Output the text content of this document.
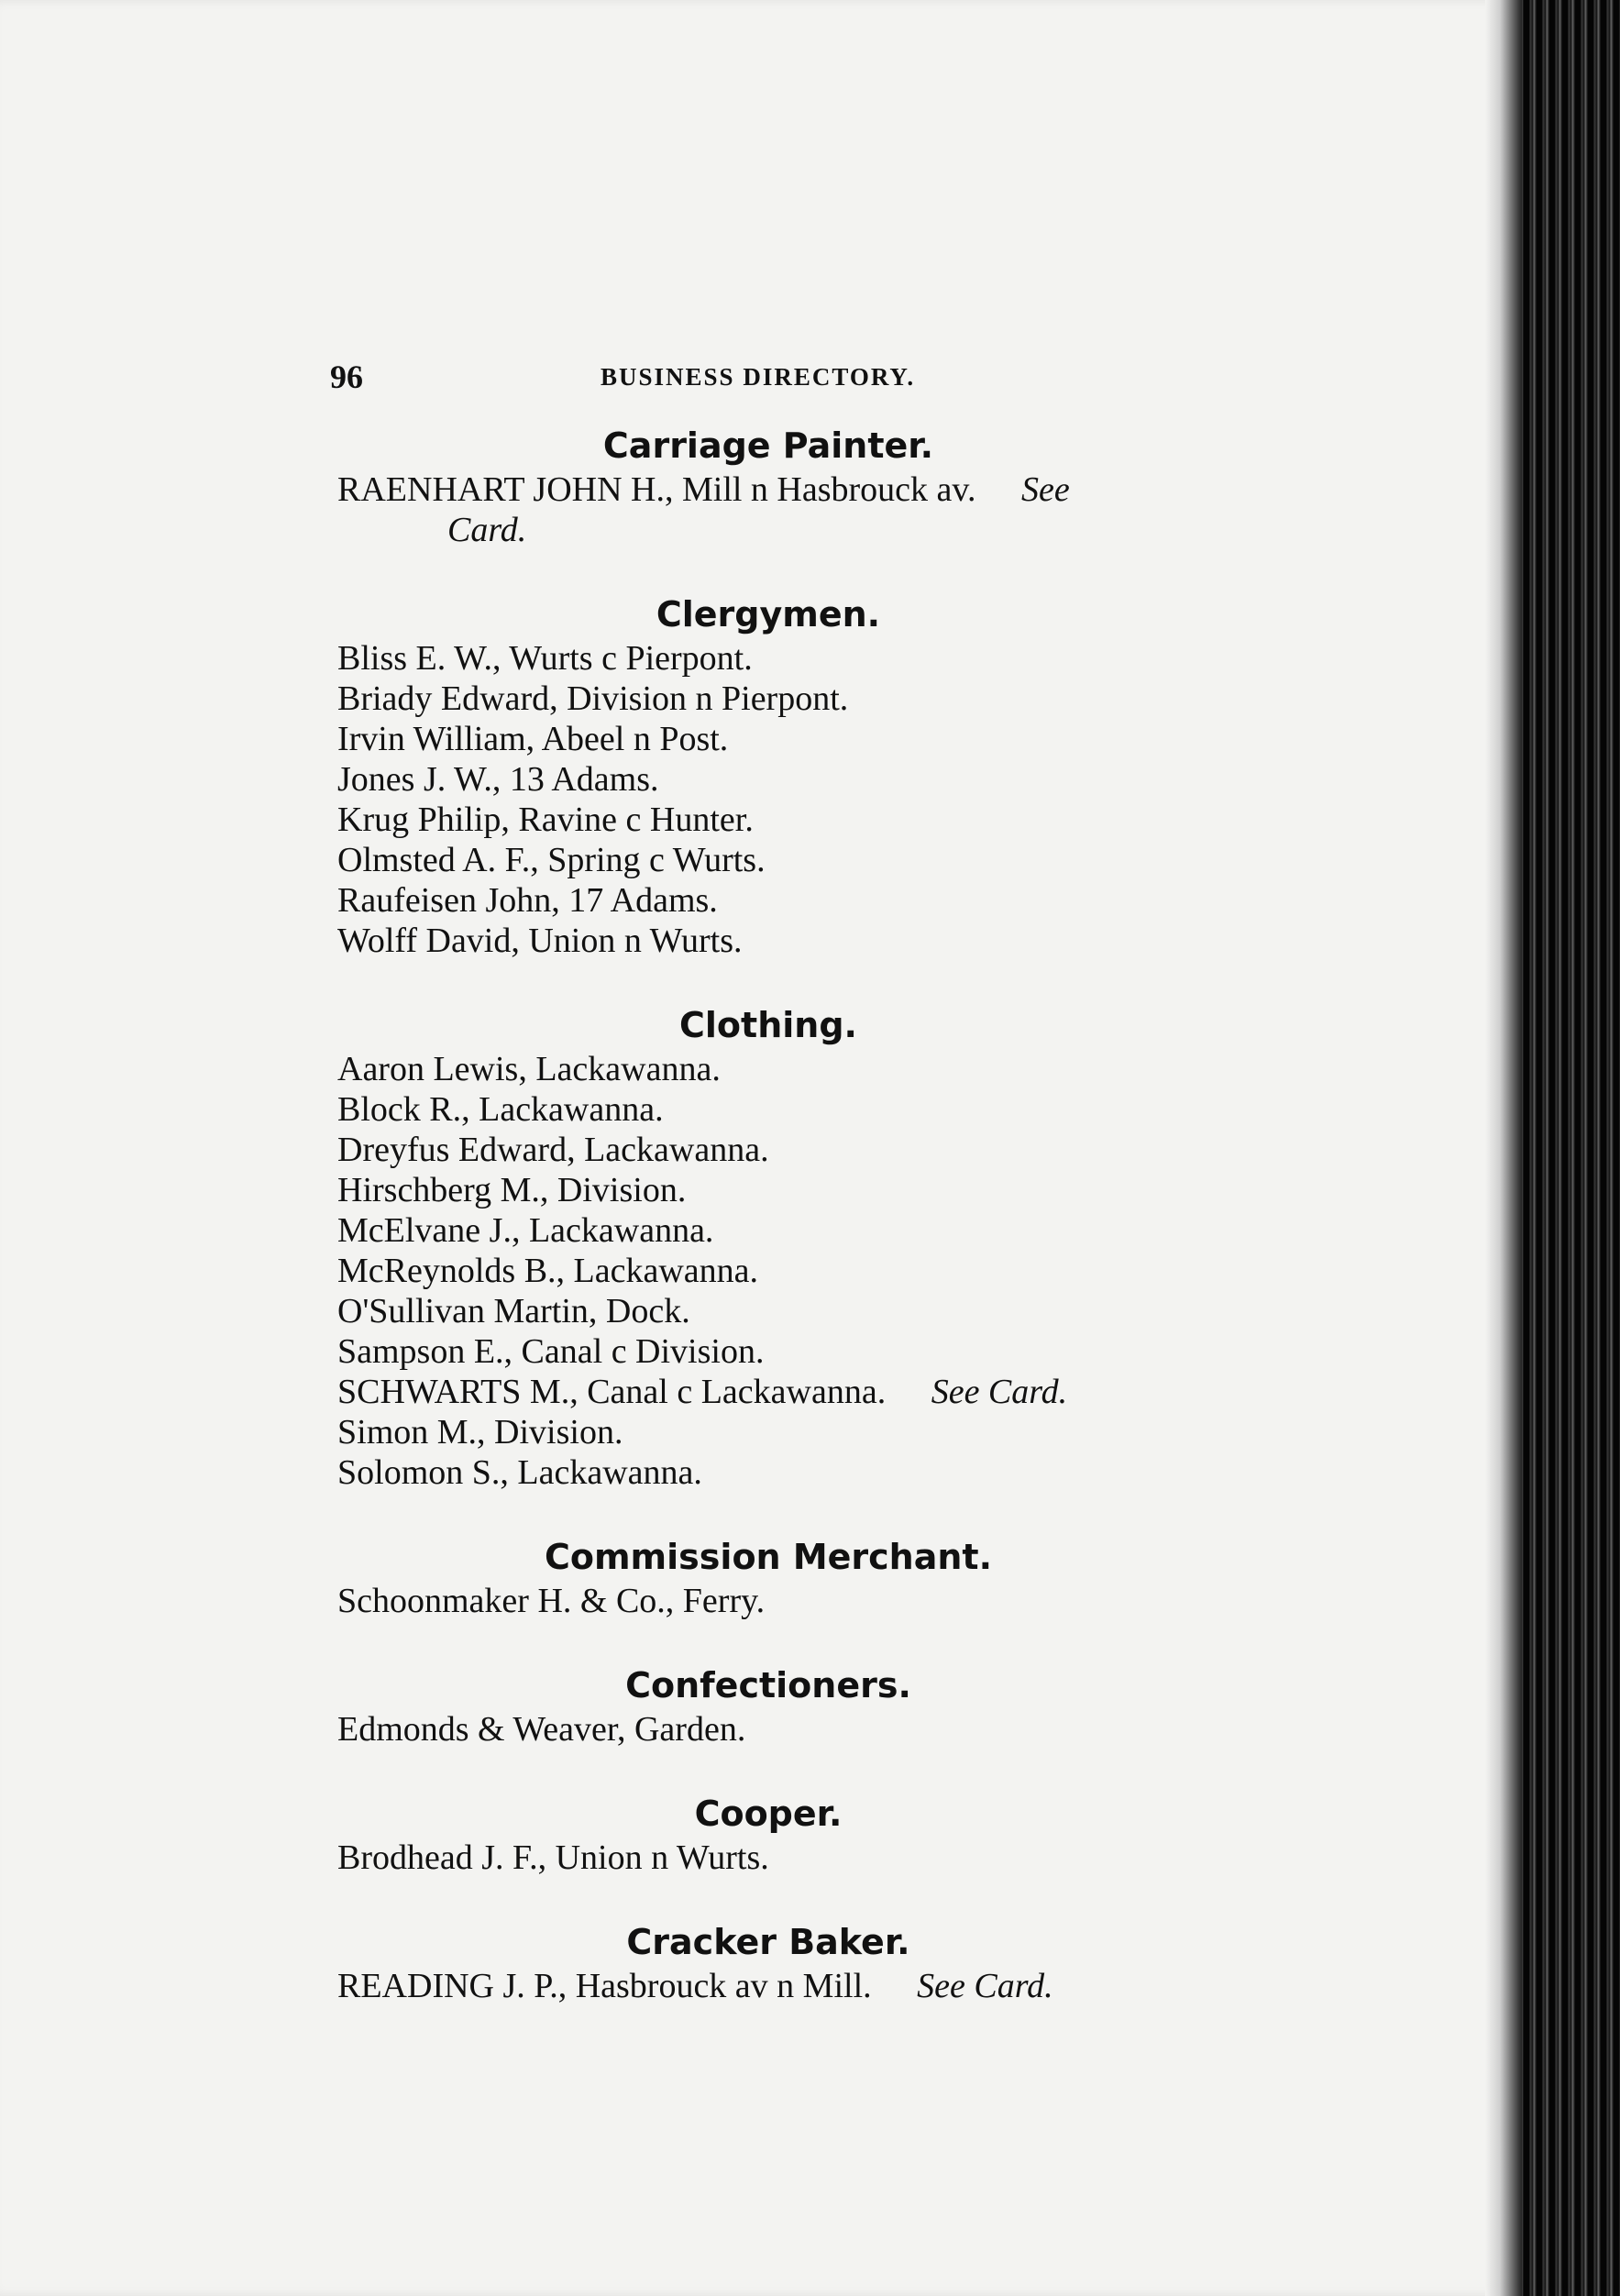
96	BUSINESS DIRECTORY.

Carriage Painter.

RAENHART JOHN H., Mill n Hasbrouck av. See

Card.

Clergymen.

Bliss E. W., Wurts c Pierpont.

Briady Edward, Division n Pierpont.

Irvin William, Abeel n Post.

Jones J. W., 13 Adams.

Krug Philip, Ravine c Hunter.

Olmsted A. F., Spring c Wurts.

Raufeisen John, 17 Adams.

Wolff David, Union n Wurts.

Clothing.

Aaron Lewis, Lackawanna.

Block R., Lackawanna.

Dreyfus Edward, Lackawanna.

Hirschberg M., Division.

McElvane J., Lackawanna.

McReynolds B., Lackawanna.

O'Sullivan Martin, Dock.

Sampson E., Canal c Division.

SCHWARTS M., Canal c Lackawanna. See Card.

Simon M., Division.

Solomon S., Lackawanna.

Commission Merchant.

Schoonmaker H. & Co., Ferry.

Confectioners.

Edmonds & Weaver, Garden.

Cooper.

Brodhead J. F., Union n Wurts.

Cracker Baker.

READING J. P., Hasbrouck av n Mill. See Card.
